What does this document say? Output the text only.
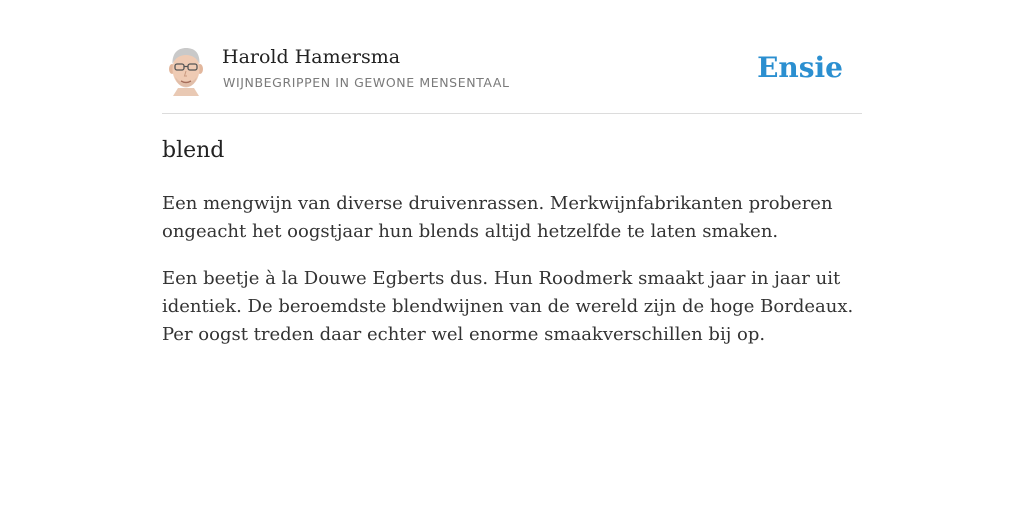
Harold Hamersma
WIJNBEGRIPPEN IN GEWONE MENSENTAAL	Ensie
blend

Een mengwijn van diverse druivenrassen. Merkwijnfabrikanten proberen ongeacht het oogstjaar hun blends altijd hetzelfde te laten smaken.

Een beetje à la Douwe Egberts dus. Hun Roodmerk smaakt jaar in jaar uit identiek. De beroemdste blendwijnen van de wereld zijn de hoge Bordeaux. Per oogst treden daar echter wel enorme smaakverschillen bij op.
